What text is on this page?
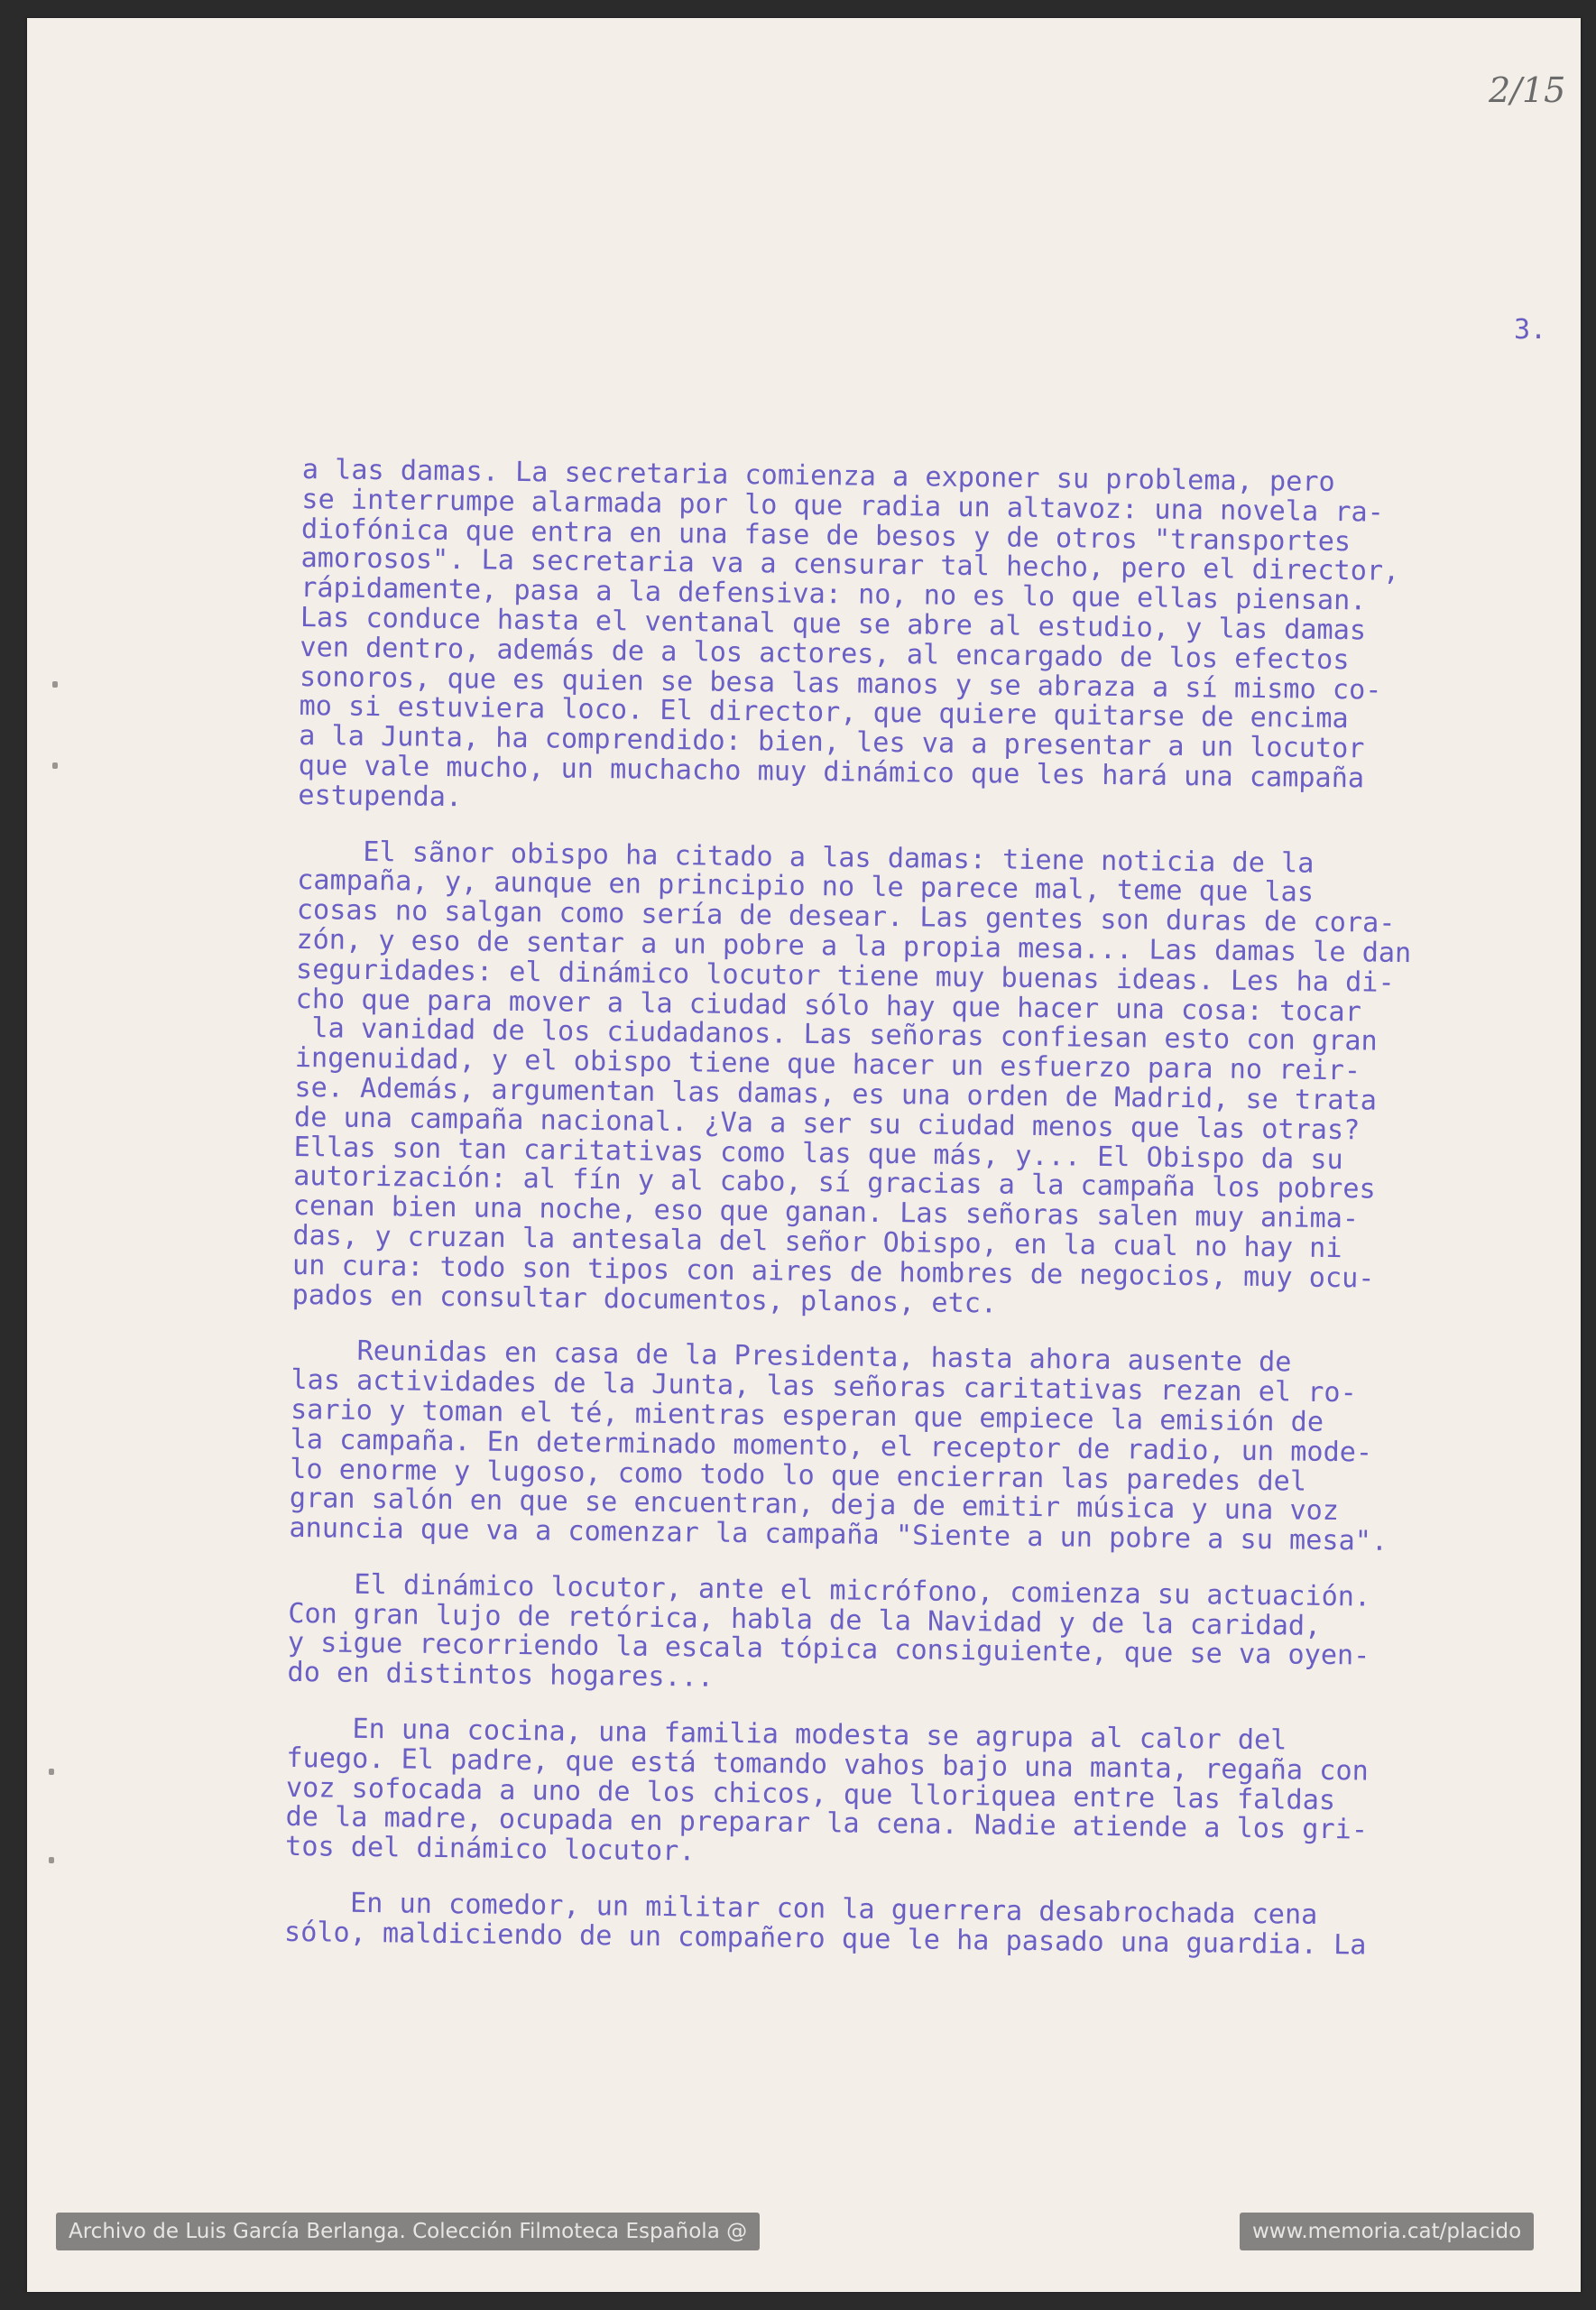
2/15
3.
a las damas. La secretaria comienza a exponer su problema, pero
se interrumpe alarmada por lo que radia un altavoz: una novela ra-
diofónica que entra en una fase de besos y de otros "transportes
amorosos". La secretaria va a censurar tal hecho, pero el director,
rápidamente, pasa a la defensiva: no, no es lo que ellas piensan.
Las conduce hasta el ventanal que se abre al estudio, y las damas
ven dentro, además de a los actores, al encargado de los efectos
sonoros, que es quien se besa las manos y se abraza a sí mismo co-
mo si estuviera loco. El director, que quiere quitarse de encima
a la Junta, ha comprendido: bien, les va a presentar a un locutor
que vale mucho, un muchacho muy dinámico que les hará una campaña
estupenda.
El sãnor obispo ha citado a las damas: tiene noticia de la
campaña, y, aunque en principio no le parece mal, teme que las
cosas no salgan como sería de desear. Las gentes son duras de cora-
zón, y eso de sentar a un pobre a la propia mesa... Las damas le dan
seguridades: el dinámico locutor tiene muy buenas ideas. Les ha di-
cho que para mover a la ciudad sólo hay que hacer una cosa: tocar
la vanidad de los ciudadanos. Las señoras confiesan esto con gran
ingenuidad, y el obispo tiene que hacer un esfuerzo para no reir-
se. Además, argumentan las damas, es una orden de Madrid, se trata
de una campaña nacional. ¿Va a ser su ciudad menos que las otras?
Ellas son tan caritativas como las que más, y... El Obispo da su
autorización: al fín y al cabo, sí gracias a la campaña los pobres
cenan bien una noche, eso que ganan. Las señoras salen muy anima-
das, y cruzan la antesala del señor Obispo, en la cual no hay ni
un cura: todo son tipos con aires de hombres de negocios, muy ocu-
pados en consultar documentos, planos, etc.
Reunidas en casa de la Presidenta, hasta ahora ausente de
las actividades de la Junta, las señoras caritativas rezan el ro-
sario y toman el té, mientras esperan que empiece la emisión de
la campaña. En determinado momento, el receptor de radio, un mode-
lo enorme y lugoso, como todo lo que encierran las paredes del
gran salón en que se encuentran, deja de emitir música y una voz
anuncia que va a comenzar la campaña "Siente a un pobre a su mesa".
El dinámico locutor, ante el micrófono, comienza su actuación.
Con gran lujo de retórica, habla de la Navidad y de la caridad,
y sigue recorriendo la escala tópica consiguiente, que se va oyen-
do en distintos hogares...
En una cocina, una familia modesta se agrupa al calor del
fuego. El padre, que está tomando vahos bajo una manta, regaña con
voz sofocada a uno de los chicos, que lloriquea entre las faldas
de la madre, ocupada en preparar la cena. Nadie atiende a los gri-
tos del dinámico locutor.
En un comedor, un militar con la guerrera desabrochada cena
sólo, maldiciendo de un compañero que le ha pasado una guardia. La
Archivo de Luis García Berlanga. Colección Filmoteca Española @	www.memoria.cat/placido
